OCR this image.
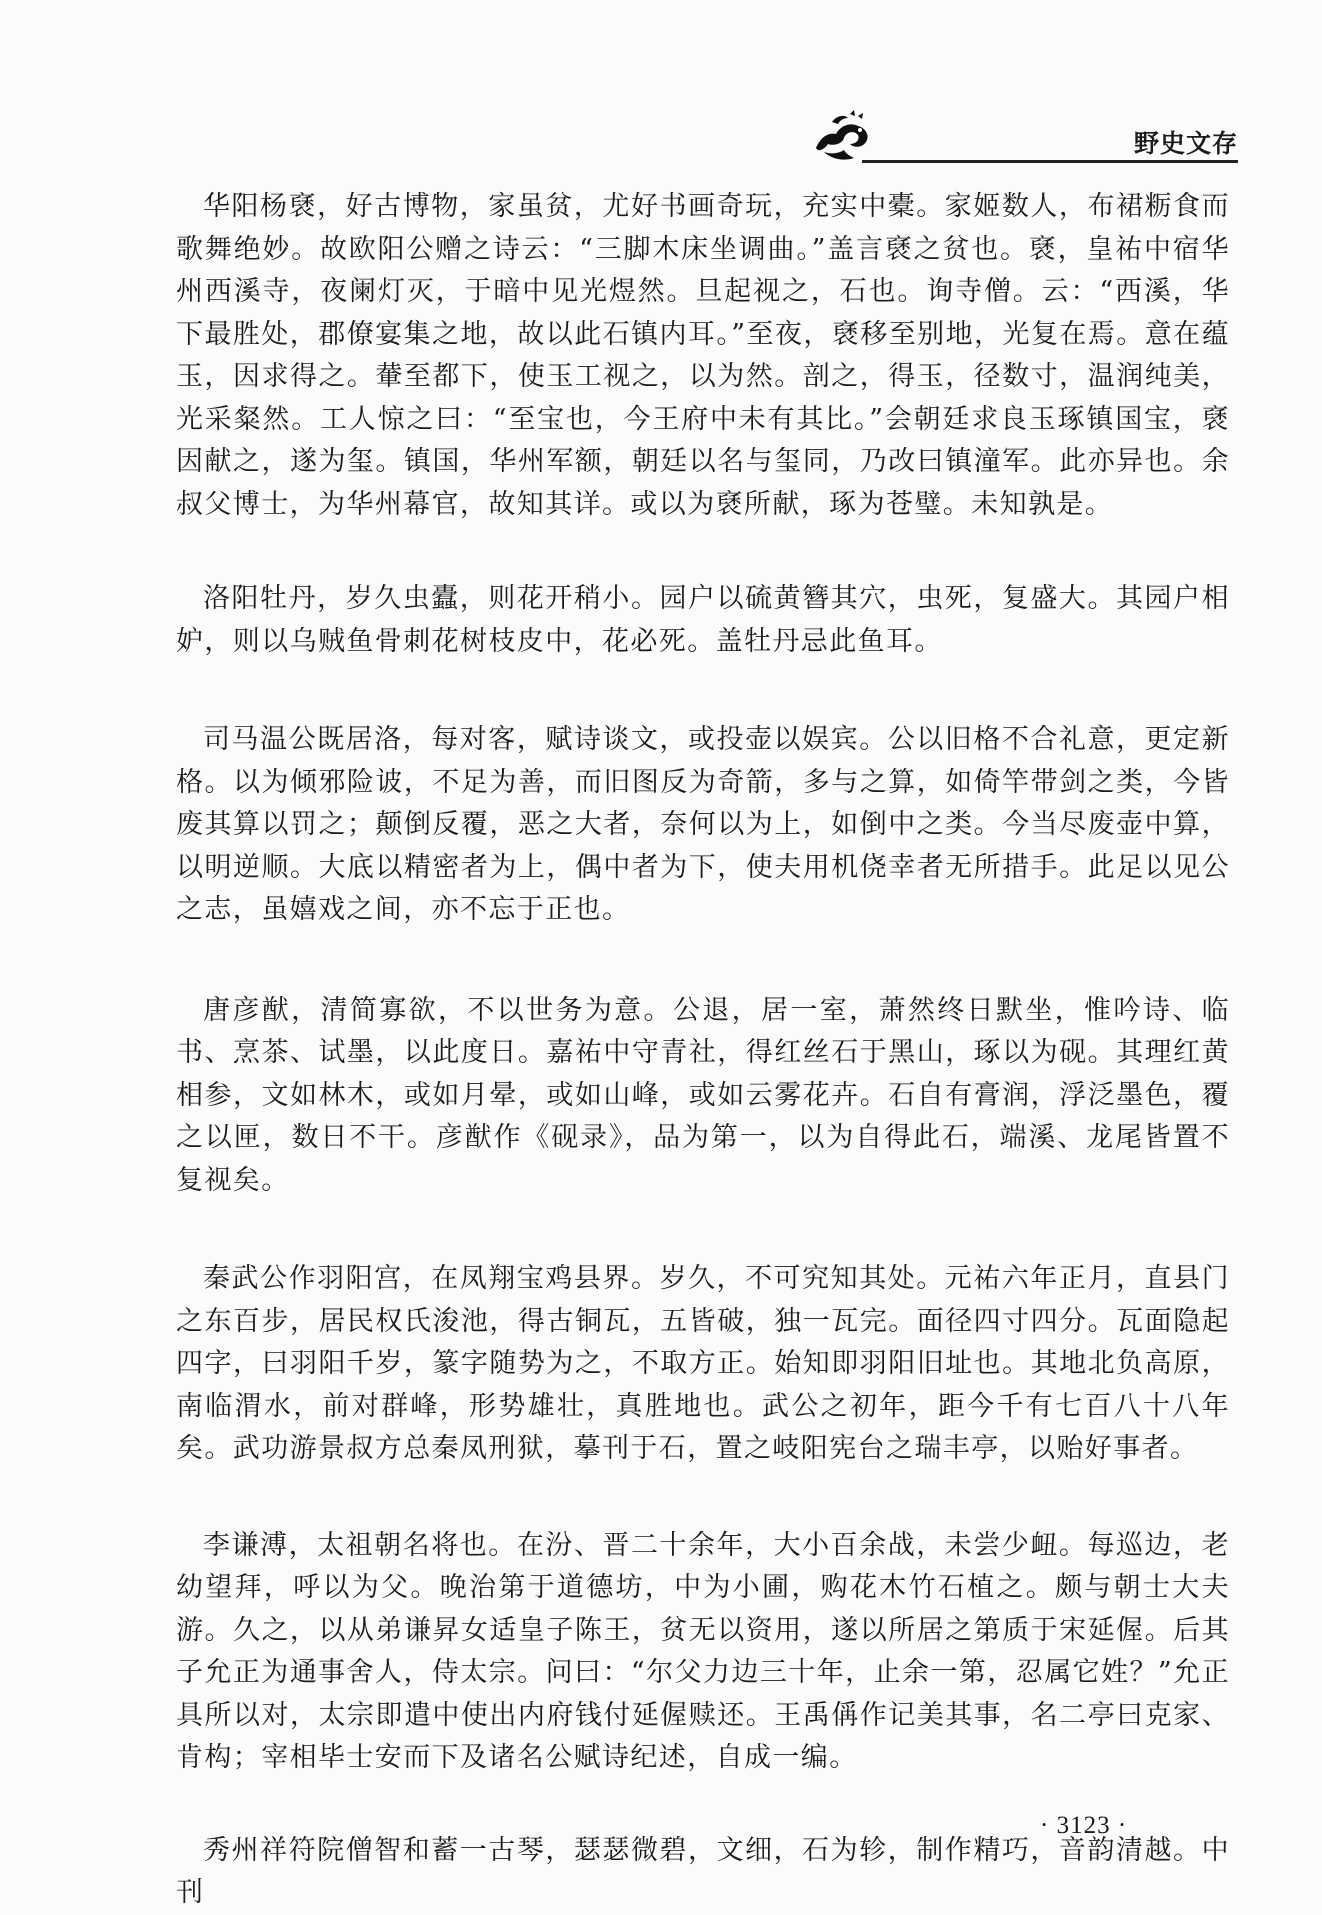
野史文存

华阳杨褎，好古博物，家虽贫，尤好书画奇玩，充实中橐。家姬数人，布裙粝食而歌舞绝妙。故欧阳公赠之诗云：“三脚木床坐调曲。”盖言褎之贫也。褎，皇祐中宿华州西溪寺，夜阑灯灭，于暗中见光煜然。旦起视之，石也。询寺僧。云：“西溪，华下最胜处，郡僚宴集之地，故以此石镇内耳。”至夜，褎移至别地，光复在焉。意在蕴玉，因求得之。輂至都下，使玉工视之，以为然。剖之，得玉，径数寸，温润纯美，光采粲然。工人惊之曰：“至宝也，今王府中未有其比。”会朝廷求良玉琢镇国宝，褎因献之，遂为玺。镇国，华州军额，朝廷以名与玺同，乃改曰镇潼军。此亦异也。余叔父博士，为华州幕官，故知其详。或以为褎所献，琢为苍璧。未知孰是。

洛阳牡丹，岁久虫蠹，则花开稍小。园户以硫黄簪其穴，虫死，复盛大。其园户相妒，则以乌贼鱼骨刺花树枝皮中，花必死。盖牡丹忌此鱼耳。

司马温公既居洛，每对客，赋诗谈文，或投壶以娱宾。公以旧格不合礼意，更定新格。以为倾邪险诐，不足为善，而旧图反为奇箭，多与之算，如倚竿带剑之类，今皆废其算以罚之；颠倒反覆，恶之大者，奈何以为上，如倒中之类。今当尽废壶中算，以明逆顺。大底以精密者为上，偶中者为下，使夫用机侥幸者无所措手。此足以见公之志，虽嬉戏之间，亦不忘于正也。

唐彦猷，清简寡欲，不以世务为意。公退，居一室，萧然终日默坐，惟吟诗、临书、烹茶、试墨，以此度日。嘉祐中守青社，得红丝石于黑山，琢以为砚。其理红黄相参，文如林木，或如月晕，或如山峰，或如云雾花卉。石自有膏润，浮泛墨色，覆之以匣，数日不干。彦猷作《砚录》，品为第一，以为自得此石，端溪、龙尾皆置不复视矣。

秦武公作羽阳宫，在凤翔宝鸡县界。岁久，不可究知其处。元祐六年正月，直县门之东百步，居民权氏浚池，得古铜瓦，五皆破，独一瓦完。面径四寸四分。瓦面隐起四字，曰羽阳千岁，篆字随势为之，不取方正。始知即羽阳旧址也。其地北负高原，南临渭水，前对群峰，形势雄壮，真胜地也。武公之初年，距今千有七百八十八年矣。武功游景叔方总秦凤刑狱，摹刊于石，置之岐阳宪台之瑞丰亭，以贻好事者。

李谦溥，太祖朝名将也。在汾、晋二十余年，大小百余战，未尝少衄。每巡边，老幼望拜，呼以为父。晚治第于道德坊，中为小圃，购花木竹石植之。颇与朝士大夫游。久之，以从弟谦昇女适皇子陈王，贫无以资用，遂以所居之第质于宋延偓。后其子允正为通事舍人，侍太宗。问曰：“尔父力边三十年，止余一第，忍属它姓？”允正具所以对，太宗即遣中使出内府钱付延偓赎还。王禹偁作记美其事，名二亭曰克家、肯构；宰相毕士安而下及诸名公赋诗纪述，自成一编。

秀州祥符院僧智和蓄一古琴，瑟瑟微碧，文细，石为轸，制作精巧，音韵清越。中刊

· 3123 ·
